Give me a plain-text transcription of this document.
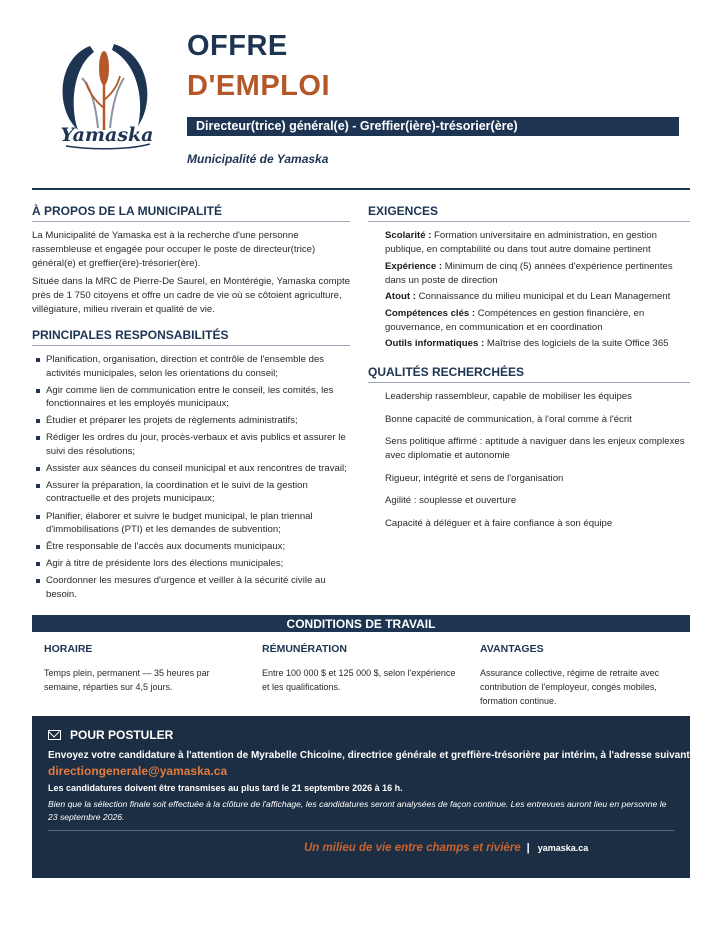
Yamaska
OFFRE
D'EMPLOI
Directeur(trice) général(e) - Greffier(ière)-trésorier(ère)
Municipalité de Yamaska
À PROPOS DE LA MUNICIPALITÉ
La Municipalité de Yamaska est à la recherche d'une personne rassembleuse et engagée pour occuper le poste de directeur(trice) général(e) et greffier(ère)-trésorier(ère).
Située dans la MRC de Pierre-De Saurel, en Montérégie, Yamaska compte près de 1 750 citoyens et offre un cadre de vie où se côtoient agriculture, villégiature, milieu riverain et qualité de vie.
PRINCIPALES RESPONSABILITÉS
Planification, organisation, direction et contrôle de l'ensemble des activités municipales, selon les orientations du conseil;
Agir comme lien de communication entre le conseil, les comités, les fonctionnaires et les employés municipaux;
Étudier et préparer les projets de règlements administratifs;
Rédiger les ordres du jour, procès-verbaux et avis publics et assurer le suivi des résolutions;
Assister aux séances du conseil municipal et aux rencontres de travail;
Assurer la préparation, la coordination et le suivi de la gestion contractuelle et des projets municipaux;
Planifier, élaborer et suivre le budget municipal, le plan triennal d'immobilisations (PTI) et les demandes de subvention;
Être responsable de l'accès aux documents municipaux;
Agir à titre de présidente lors des élections municipales;
Coordonner les mesures d'urgence et veiller à la sécurité civile au besoin.
EXIGENCES
Scolarité : Formation universitaire en administration, en gestion publique, en comptabilité ou dans tout autre domaine pertinent
Expérience : Minimum de cinq (5) années d'expérience pertinentes dans un poste de direction
Atout : Connaissance du milieu municipal et du Lean Management
Compétences clés : Compétences en gestion financière, en gouvernance, en communication et en coordination
Outils informatiques : Maîtrise des logiciels de la suite Office 365
QUALITÉS RECHERCHÉES
Leadership rassembleur, capable de mobiliser les équipes
Bonne capacité de communication, à l'oral comme à l'écrit
Sens politique affirmé : aptitude à naviguer dans les enjeux complexes avec diplomatie et autonomie
Rigueur, intégrité et sens de l'organisation
Agilité : souplesse et ouverture
Capacité à déléguer et à faire confiance à son équipe
CONDITIONS DE TRAVAIL
HORAIRE
Temps plein, permanent — 35 heures par semaine, réparties sur 4,5 jours.
RÉMUNÉRATION
Entre 100 000 $ et 125 000 $, selon l'expérience et les qualifications.
AVANTAGES
Assurance collective, régime de retraite avec contribution de l'employeur, congés mobiles, formation continue.
POUR POSTULER
Envoyez votre candidature à l'attention de Myrabelle Chicoine, directrice générale et greffière-trésorière par intérim, à l'adresse suivante
directiongenerale@yamaska.ca
Les candidatures doivent être transmises au plus tard le 21 septembre 2026 à 16 h.
Bien que la sélection finale soit effectuée à la clôture de l'affichage, les candidatures seront analysées de façon continue. Les entrevues auront lieu en personne le 23 septembre 2026.
Un milieu de vie entre champs et rivière | yamaska.ca
